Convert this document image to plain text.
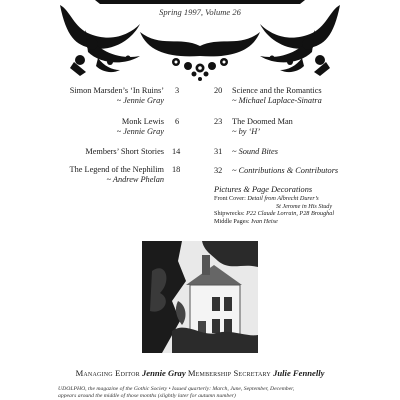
Spring 1997, Volume 26
Simon Marsden’s ‘In Ruins’
~ Jennie Gray
3
Monk Lewis
~ Jennie Gray
6
Members’ Short Stories 14
The Legend of the Nephilim
~ Andrew Phelan
18
20 Science and the Romantics
~ Michael Laplace-Sinatra
23 The Doomed Man
~ by ‘H’
31 ~ Sound Bites
32 ~ Contributions & Contributors
Pictures & Page Decorations
Front Cover: Detail from Albrecht Durer’s
St Jerome in His Study
Shipwrecks: P22 Claude Lorrain, P28 Broughal
Middle Pages: Ivan Heise
Managing Editor Jennie Gray Membership Secretary Julie Fennelly
UDOLPHO, the magazine of the Gothic Society • Issued quarterly: March, June, September, December,
appears around the middle of those months (slightly later for autumn number)
